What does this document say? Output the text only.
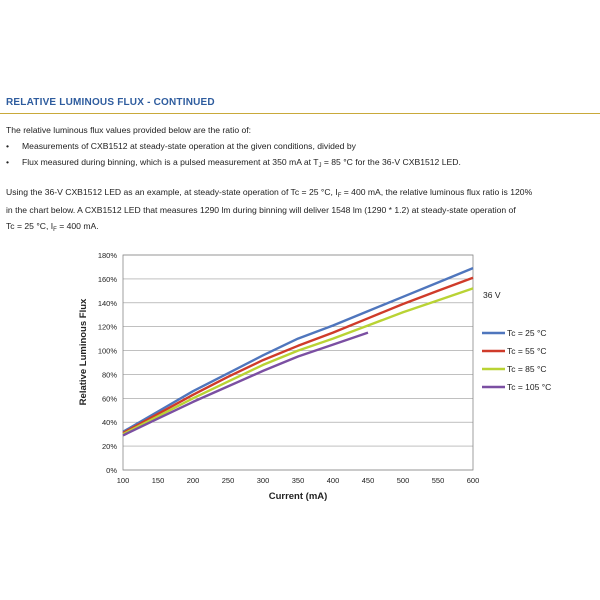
RELATIVE LUMINOUS FLUX - CONTINUED
The relative luminous flux values provided below are the ratio of:
• Measurements of CXB1512 at steady-state operation at the given conditions, divided by
• Flux measured during binning, which is a pulsed measurement at 350 mA at $T_J = 85$ °C for the 36-V CXB1512 LED.
Using the 36-V CXB1512 LED as an example, at steady-state operation of Tc = 25 °C, $I_F = 400$ mA, the relative luminous flux ratio is 120%
in the chart below. A CXB1512 LED that measures 1290 lm during binning will deliver 1548 lm (1290 * 1.2) at steady-state operation of
Tc = 25 °C, $I_F = 400$ mA.
0%
20%
40%
60%
80%
100%
120%
140%
160%
180%
100	150	200	250	300	350	400	450	500	550	600
36 V
Tc = 25 °C
Tc = 55 °C
Tc = 85 °C
Tc = 105 °C
Current (mA)
Relative Luminous Flux
